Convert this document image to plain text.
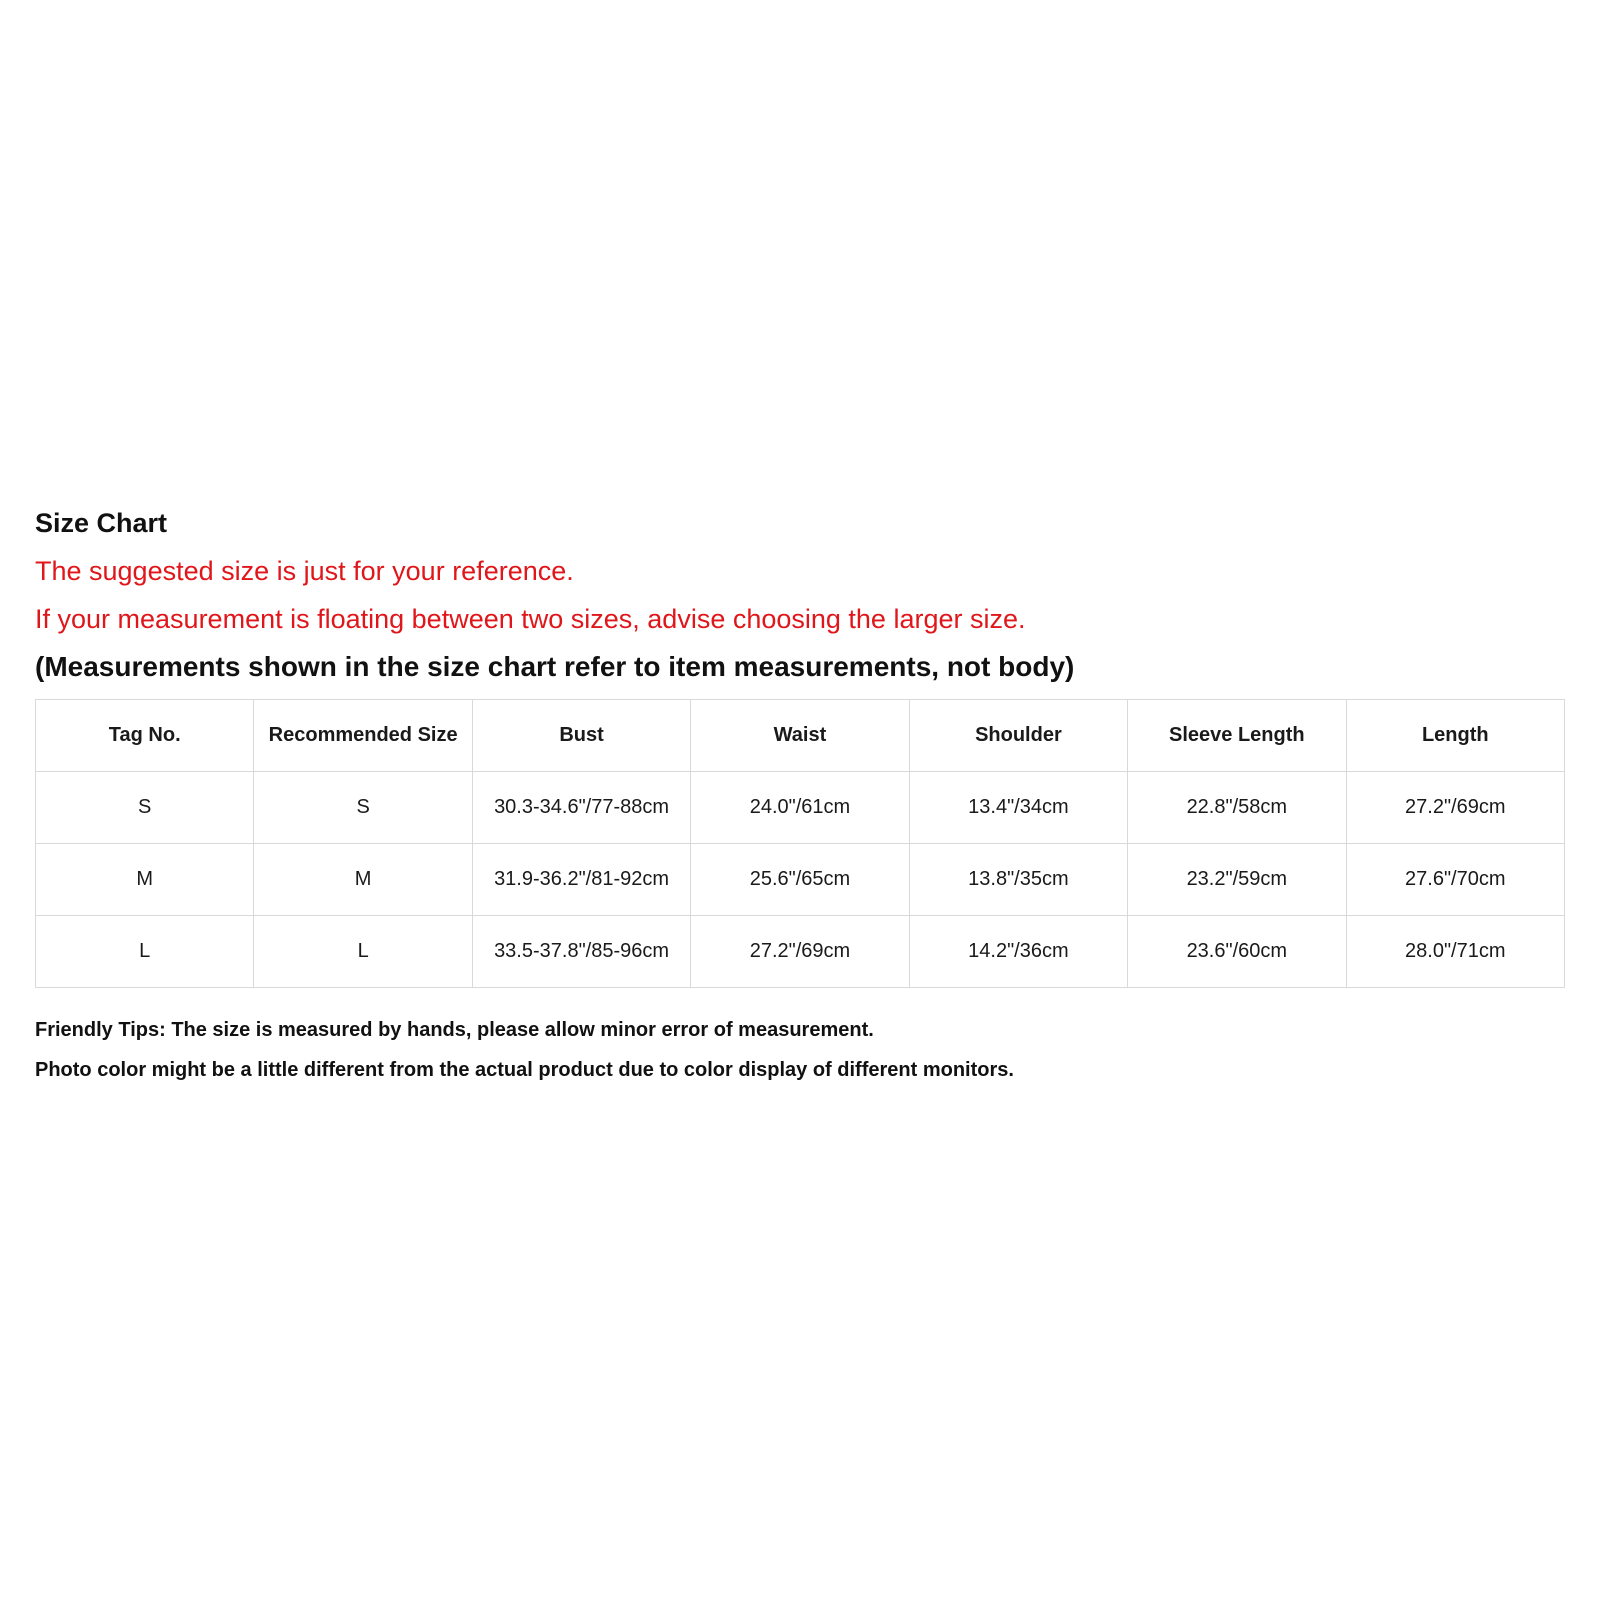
Size Chart
The suggested size is just for your reference.
If your measurement is floating between two sizes, advise choosing the larger size.
(Measurements shown in the size chart refer to item measurements, not body)
Tag No.	Recommended Size	Bust	Waist	Shoulder	Sleeve Length	Length
S	S	30.3-34.6"/77-88cm	24.0"/61cm	13.4"/34cm	22.8"/58cm	27.2"/69cm
M	M	31.9-36.2"/81-92cm	25.6"/65cm	13.8"/35cm	23.2"/59cm	27.6"/70cm
L	L	33.5-37.8"/85-96cm	27.2"/69cm	14.2"/36cm	23.6"/60cm	28.0"/71cm
Friendly Tips: The size is measured by hands, please allow minor error of measurement.
Photo color might be a little different from the actual product due to color display of different monitors.
